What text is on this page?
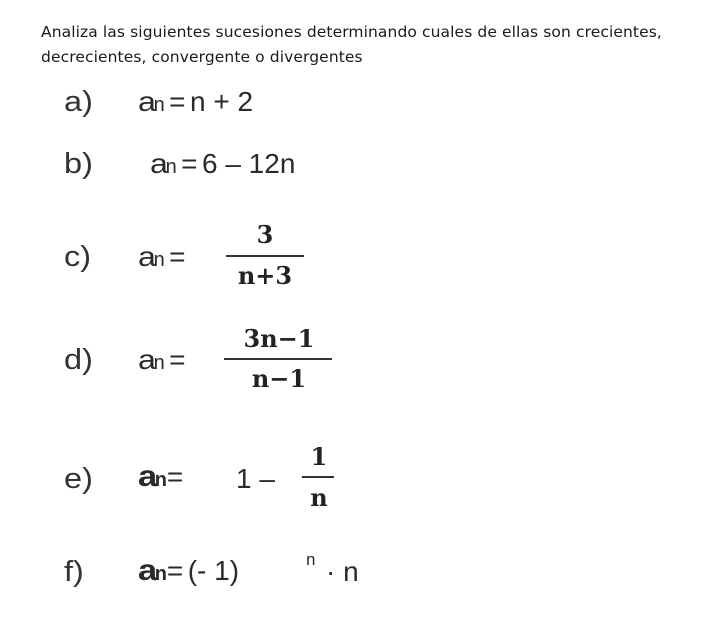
Analiza las siguientes sucesiones determinando cuales de ellas son crecientes, decrecientes, convergente o divergentes
a) an = n + 2
b) an = 6 – 12n
c) an =
3
n+3
d) an =
3n−1
n−1
e) an= 1 –
1
n
f) an= (- 1)	n · n
